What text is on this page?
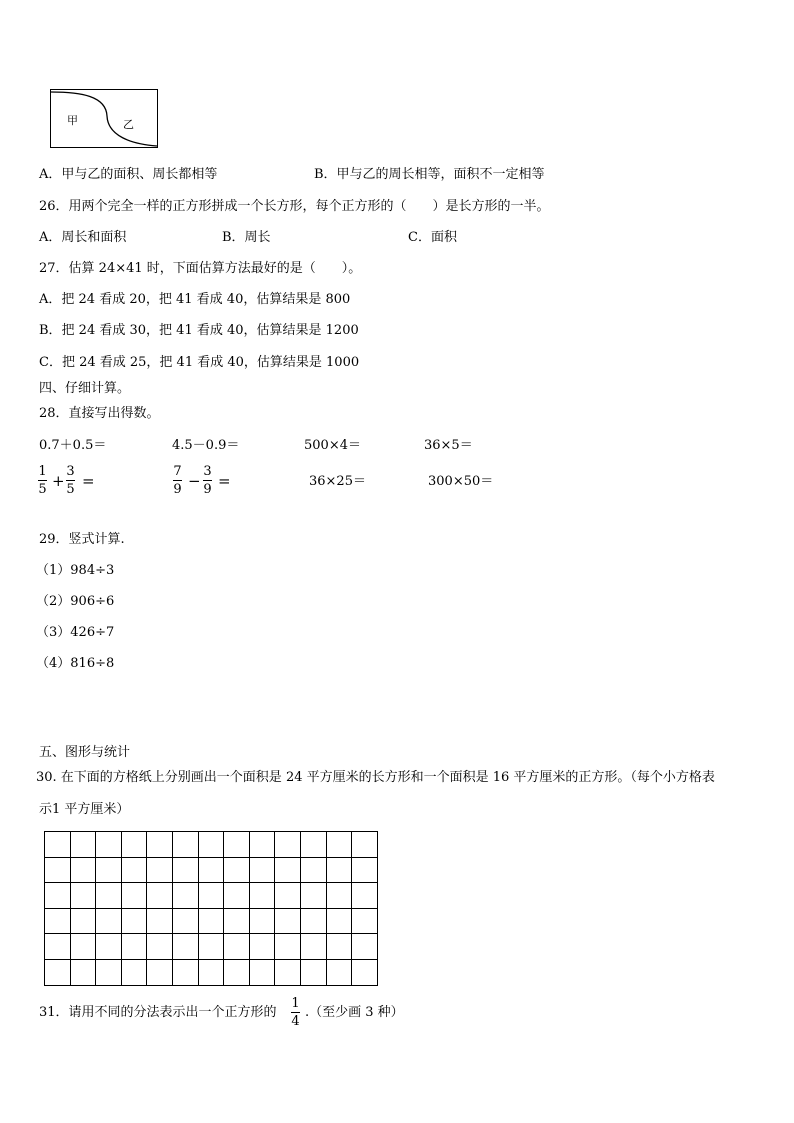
甲	乙
A．甲与乙的面积、周长都相等	B．甲与乙的周长相等，面积不一定相等
26．用两个完全一样的正方形拼成一个长方形，每个正方形的（　　）是长方形的一半。
A．周长和面积	B．周长	C．面积
27．估算 24×41 时，下面估算方法最好的是（　　）。
A．把 24 看成 20，把 41 看成 40，估算结果是 800
B．把 24 看成 30，把 41 看成 40，估算结果是 1200
C．把 24 看成 25，把 41 看成 40，估算结果是 1000
四、仔细计算。
28．直接写出得数。
0.7＋0.5＝	4.5－0.9＝	500×4＝	36×5＝
1
5 +
3
5 =
7
9 −
3
9 =	36×25＝	300×50＝
29．竖式计算.
（1）984÷3
（2）906÷6
（3）426÷7
（4）816÷8
五、图形与统计
30. 在下面的方格纸上分别画出一个面积是 24 平方厘米的长方形和一个面积是 16 平方厘米的正方形。（每个小方格表
示1 平方厘米）
31．请用不同的分法表示出一个正方形的
1
4
.（至少画 3 种）
